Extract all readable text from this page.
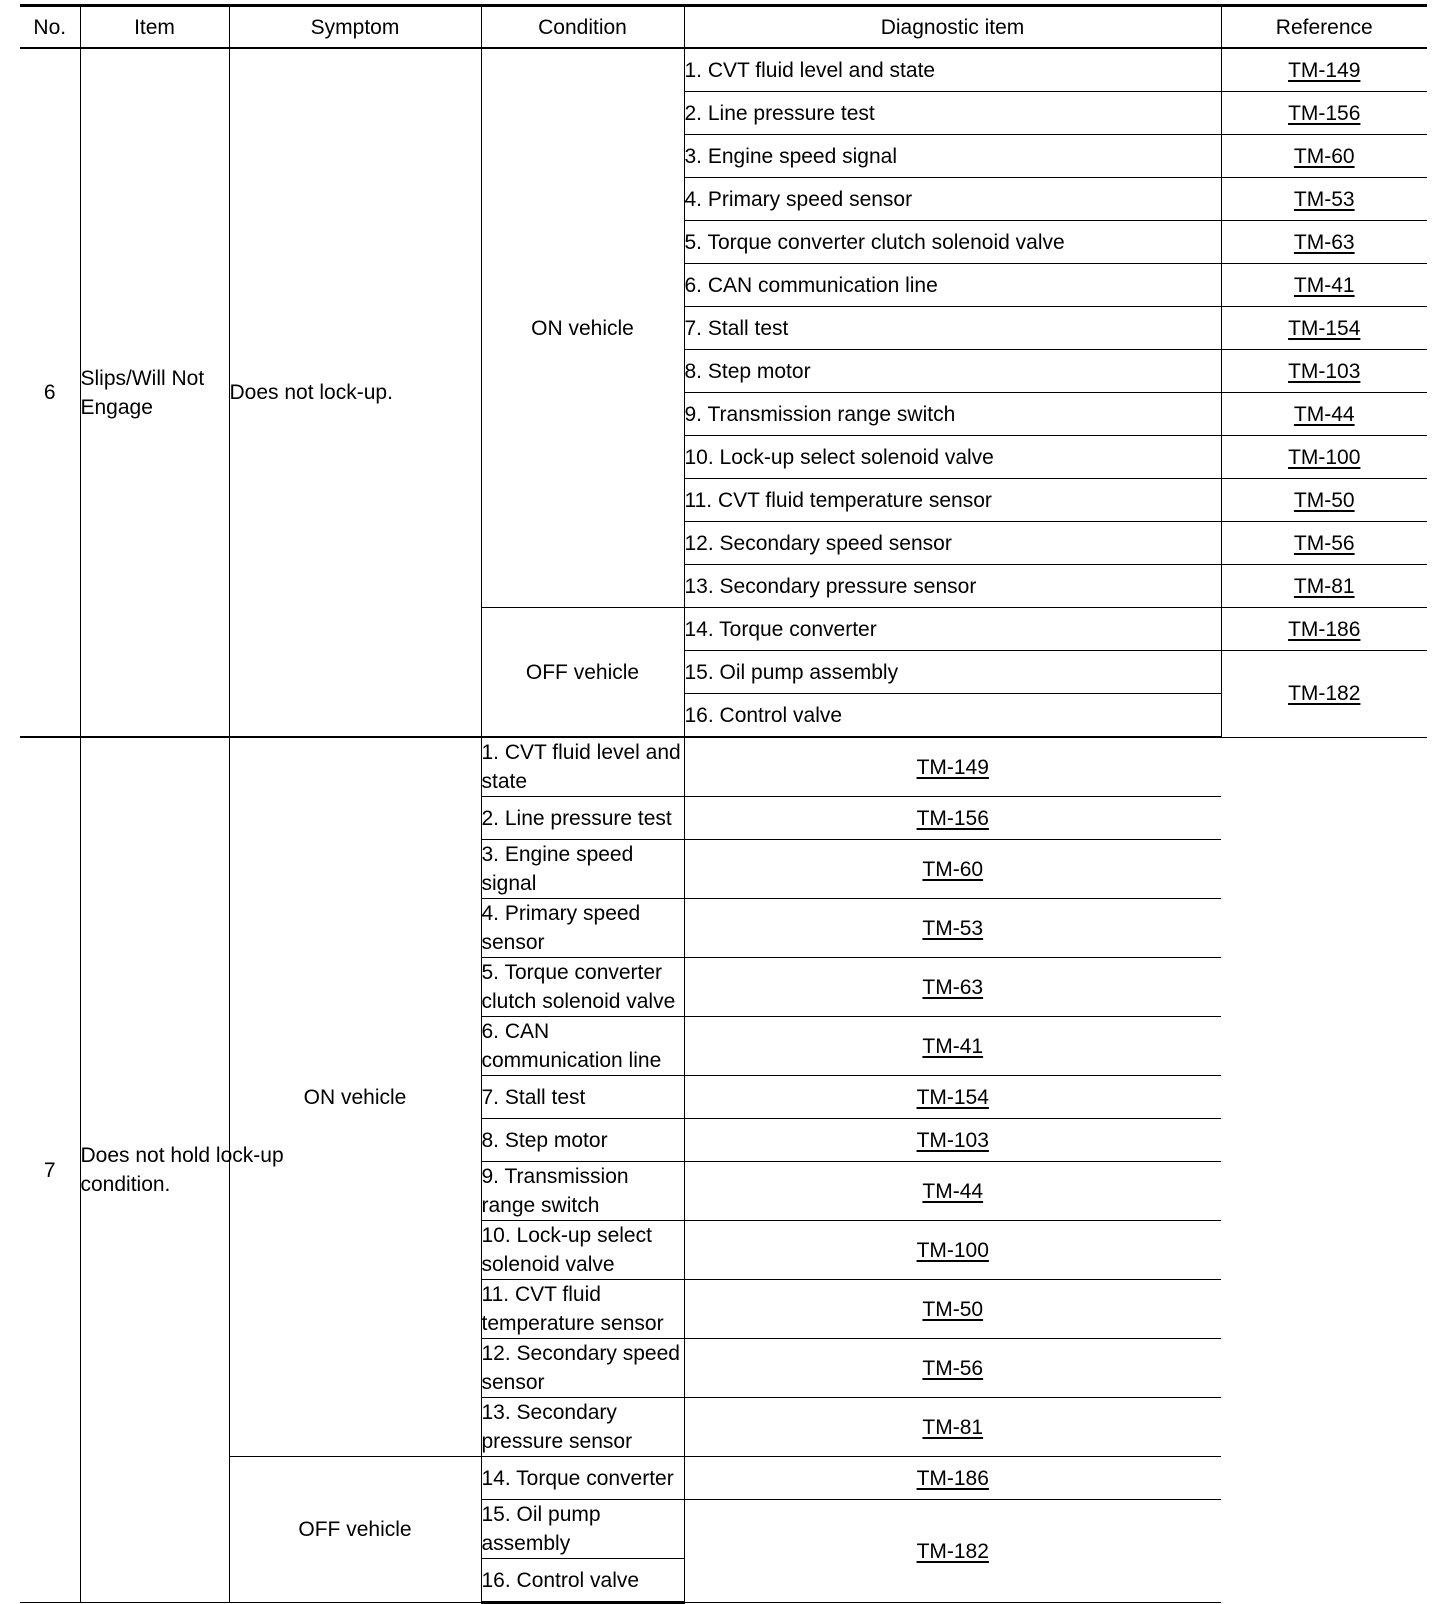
No.	Item	Symptom	Condition	Diagnostic item	Reference
6	Slips/Will Not Engage	Does not lock-up.	ON vehicle	1. CVT fluid level and state	TM-149
				2. Line pressure test	TM-156
				3. Engine speed signal	TM-60
				4. Primary speed sensor	TM-53
				5. Torque converter clutch solenoid valve	TM-63
				6. CAN communication line	TM-41
				7. Stall test	TM-154
				8. Step motor	TM-103
				9. Transmission range switch	TM-44
				10. Lock-up select solenoid valve	TM-100
				11. CVT fluid temperature sensor	TM-50
				12. Secondary speed sensor	TM-56
				13. Secondary pressure sensor	TM-81
			OFF vehicle	14. Torque converter	TM-186
				15. Oil pump assembly	TM-182
				16. Control valve	
7	Does not hold lock-up condition.	ON vehicle	1. CVT fluid level and state	TM-149	
			2. Line pressure test	TM-156	
			3. Engine speed signal	TM-60	
			4. Primary speed sensor	TM-53	
			5. Torque converter clutch solenoid valve	TM-63	
			6. CAN communication line	TM-41	
			7. Stall test	TM-154	
			8. Step motor	TM-103	
			9. Transmission range switch	TM-44	
			10. Lock-up select solenoid valve	TM-100	
			11. CVT fluid temperature sensor	TM-50	
			12. Secondary speed sensor	TM-56	
			13. Secondary pressure sensor	TM-81	
		OFF vehicle	14. Torque converter	TM-186	
			15. Oil pump assembly	TM-182	
			16. Control valve		
